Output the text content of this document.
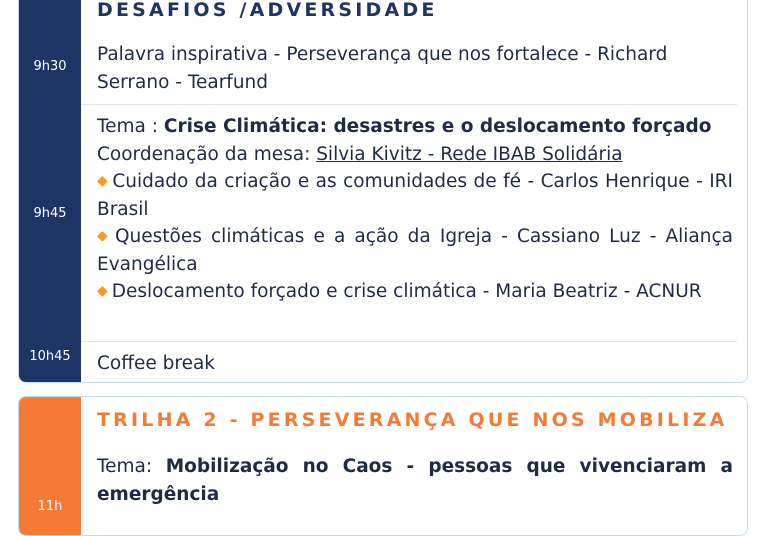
DESAFIOS /ADVERSIDADE
9h30
Palavra inspirativa - Perseverança que nos fortalece - Richard Serrano - Tearfund
9h45
Tema : Crise Climática: desastres e o deslocamento forçado
Coordenação da mesa: Silvia Kivitz - Rede IBAB Solidária
◆ Cuidado da criação e as comunidades de fé - Carlos Henrique - IRI Brasil
◆ Questões climáticas e a ação da Igreja - Cassiano Luz - Aliança Evangélica
◆ Deslocamento forçado e crise climática - Maria Beatriz - ACNUR
10h45	Coffee break
TRILHA 2 - PERSEVERANÇA QUE NOS MOBILIZA
11h
Tema: Mobilização no Caos - pessoas que vivenciaram a emergência
